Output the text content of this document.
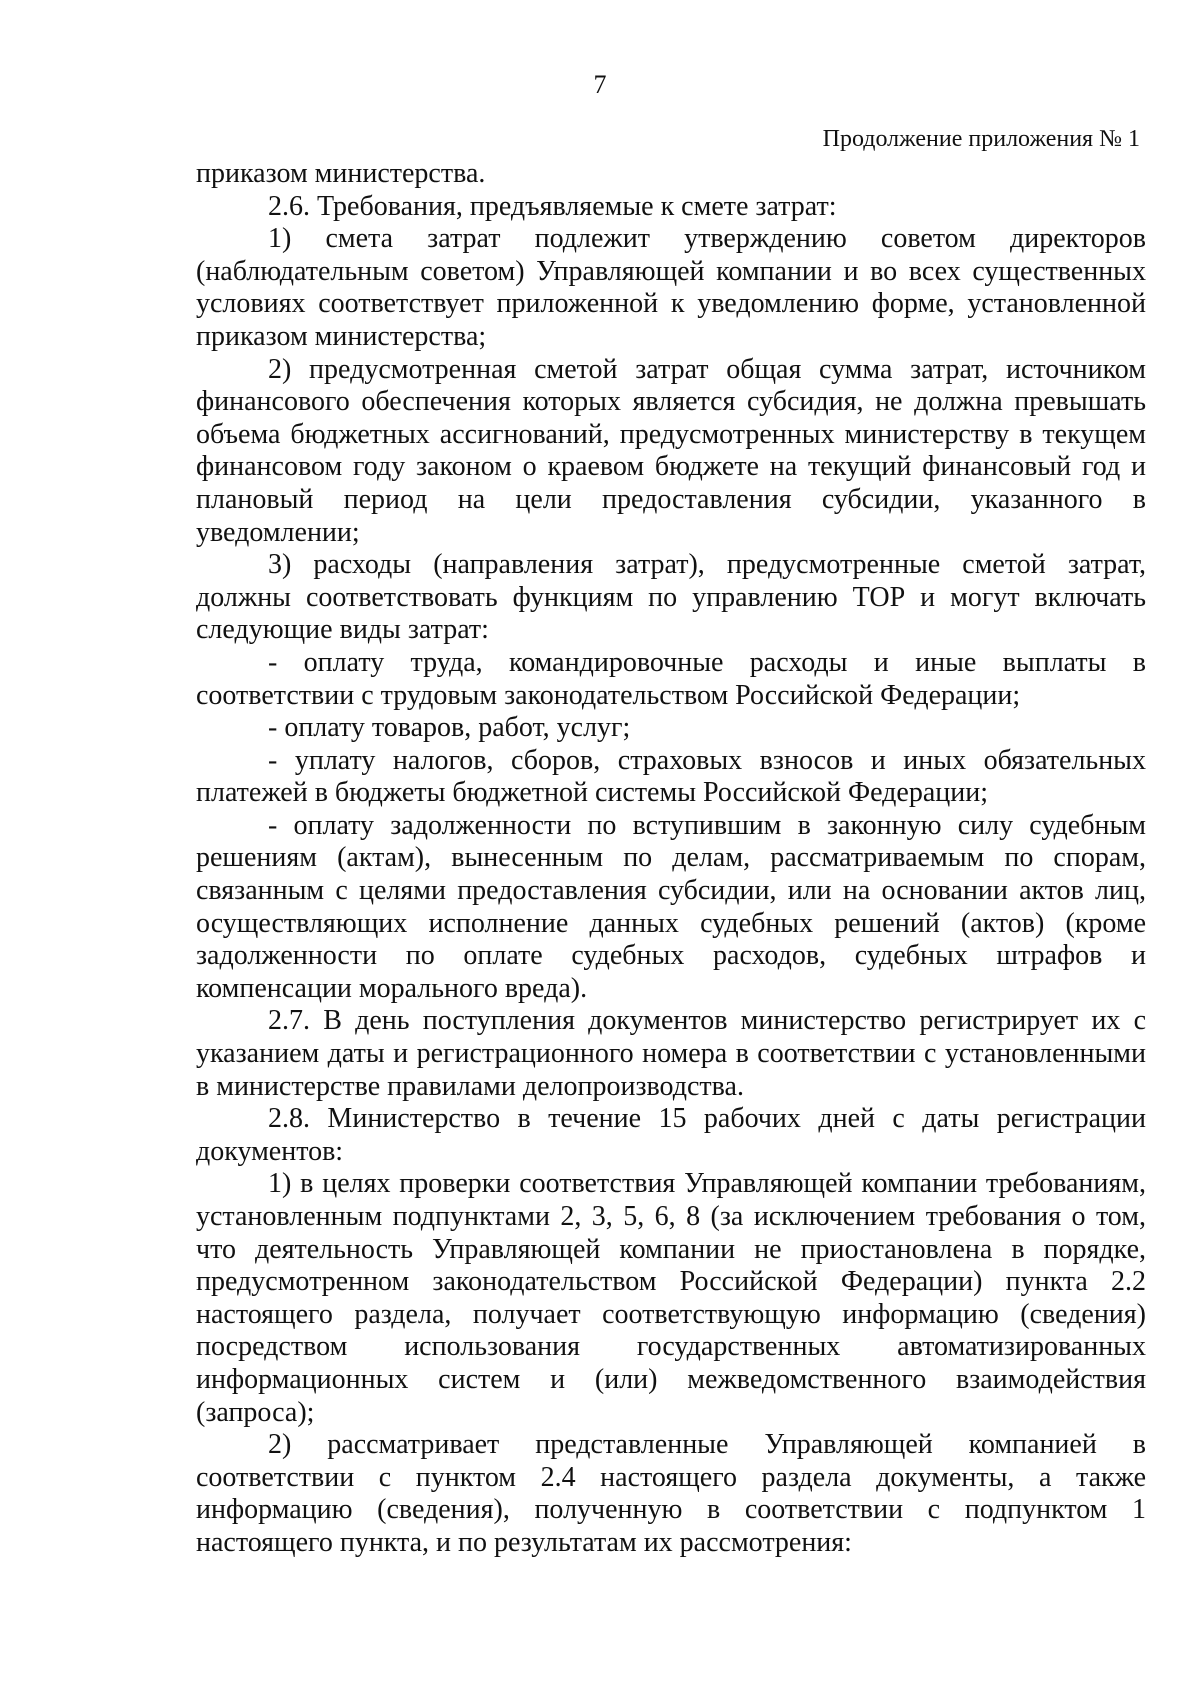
7
Продолжение приложения № 1

приказом министерства.

2.6. Требования, предъявляемые к смете затрат:

1) смета затрат подлежит утверждению советом директоров (наблюдательным советом) Управляющей компании и во всех существенных условиях соответствует приложенной к уведомлению форме, установленной приказом министерства;

2) предусмотренная сметой затрат общая сумма затрат, источником финансового обеспечения которых является субсидия, не должна превышать объема бюджетных ассигнований, предусмотренных министерству в текущем финансовом году законом о краевом бюджете на текущий финансовый год и плановый период на цели предоставления субсидии, указанного в уведомлении;

3) расходы (направления затрат), предусмотренные сметой затрат, должны соответствовать функциям по управлению ТОР и могут включать следующие виды затрат:

- оплату труда, командировочные расходы и иные выплаты в соответствии с трудовым законодательством Российской Федерации;

- оплату товаров, работ, услуг;

- уплату налогов, сборов, страховых взносов и иных обязательных платежей в бюджеты бюджетной системы Российской Федерации;

- оплату задолженности по вступившим в законную силу судебным решениям (актам), вынесенным по делам, рассматриваемым по спорам, связанным с целями предоставления субсидии, или на основании актов лиц, осуществляющих исполнение данных судебных решений (актов) (кроме задолженности по оплате судебных расходов, судебных штрафов и компенсации морального вреда).

2.7. В день поступления документов министерство регистрирует их с указанием даты и регистрационного номера в соответствии с установленными в министерстве правилами делопроизводства.

2.8. Министерство в течение 15 рабочих дней с даты регистрации документов:

1) в целях проверки соответствия Управляющей компании требованиям, установленным подпунктами 2, 3, 5, 6, 8 (за исключением требования о том, что деятельность Управляющей компании не приостановлена в порядке, предусмотренном законодательством Российской Федерации) пункта 2.2 настоящего раздела, получает соответствующую информацию (сведения) посредством использования государственных автоматизированных информационных систем и (или) межведомственного взаимодействия (запроса);

2) рассматривает представленные Управляющей компанией в соответствии с пунктом 2.4 настоящего раздела документы, а также информацию (сведения), полученную в соответствии с подпунктом 1 настоящего пункта, и по результатам их рассмотрения:
